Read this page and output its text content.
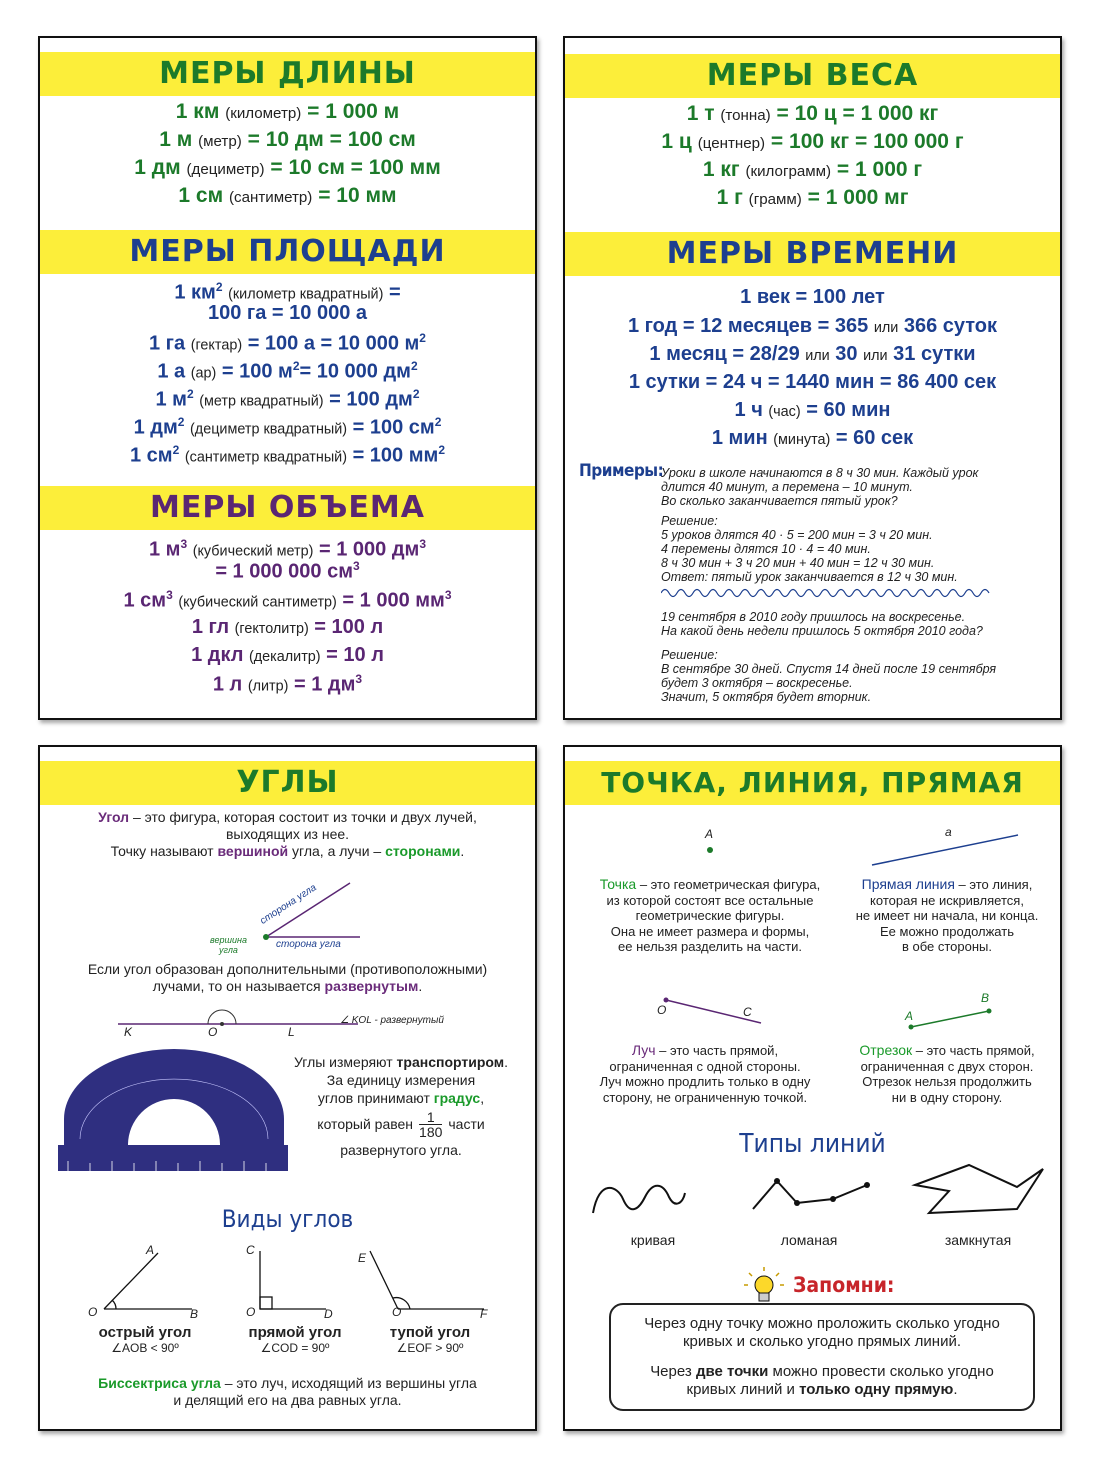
МЕРЫ ДЛИНЫ
1 км (километр) = 1 000 м
1 м (метр) = 10 дм = 100 см
1 дм (дециметр) = 10 см = 100 мм
1 см (сантиметр) = 10 мм
МЕРЫ ПЛОЩАДИ
1 $км^2$ (километр квадратный) =
100 га = 10 000 а
1 га (гектар) = 100 а = 10 000 $м^2$
1 а (ар) = 100 $м^2= 10$ 000 $дм^2$
1 $м^2$ (метр квадратный) = 100 $дм^2$
1 $дм^2$ (дециметр квадратный) = 100 $см^2$
1 $см^2$ (сантиметр квадратный) = 100 $мм^2$
МЕРЫ ОБЪЕМА
1 $м^3$ (кубический метр) = 1 000 $дм^3$
= 1 000 000 $см^3$
1 $см^3$ (кубический сантиметр) = 1 000 $мм^3$
1 гл (гектолитр) = 100 л
1 дкл (декалитр) = 10 л
1 л (литр) = 1 $дм^3$
МЕРЫ ВЕСА
1 т (тонна) = 10 ц = 1 000 кг
1 ц (центнер) = 100 кг = 100 000 г
1 кг (килограмм) = 1 000 г
1 г (грамм) = 1 000 мг
МЕРЫ ВРЕМЕНИ
1 век = 100 лет
1 год = 12 месяцев = 365 или 366 суток
1 месяц = 28/29 или 30 или 31 сутки
1 сутки = 24 ч = 1440 мин = 86 400 сек
1 ч (час) = 60 мин
1 мин (минута) = 60 сек
Примеры:
Уроки в школе начинаются в 8 ч 30 мин. Каждый урок
длится 40 минут, а перемена – 10 минут.
Во сколько заканчивается пятый урок?
Решение:
5 уроков длятся 40 · 5 = 200 мин = 3 ч 20 мин.
4 перемены длятся 10 · 4 = 40 мин.
8 ч 30 мин + 3 ч 20 мин + 40 мин = 12 ч 30 мин.
Ответ: пятый урок заканчивается в 12 ч 30 мин.
19 сентября в 2010 году пришлось на воскресенье.
На какой день недели пришлось 5 октября 2010 года?
Решение:
В сентябре 30 дней. Спустя 14 дней после 19 сентября
будет 3 октября – воскресенье.
Значит, 5 октября будет вторник.
УГЛЫ
Угол – это фигура, которая состоит из точки и двух лучей,
выходящих из нее.
Точку называют вершиной угла, а лучи – сторонами.
сторона угла
сторона угла
вершина
угла
Если угол образован дополнительными (противоположными)
лучами, то он называется развернутым.
K	O	L
∠ KOL - развернутый
Углы измеряют транспортиром.
За единицу измерения
углов принимают градус,
который равен 1
180 части
развернутого угла.
Виды углов
A
O	B
C
O	D
E
O	F
острый угол
∠AOB < 90º
прямой угол
∠COD = 90º
тупой угол
∠EOF > 90º
Биссектриса угла – это луч, исходящий из вершины угла
и делящий его на два равных угла.
ТОЧКА, ЛИНИЯ, ПРЯМАЯ
A	a
Точка – это геометрическая фигура,
из которой состоят все остальные
геометрические фигуры.
Она не имеет размера и формы,
ее нельзя разделить на части.
Прямая линия – это линия,
которая не искривляется,
не имеет ни начала, ни конца.
Ее можно продолжать
в обе стороны.
O	C	A
B
Луч – это часть прямой,
ограниченная с одной стороны.
Луч можно продлить только в одну
сторону, не ограниченную точкой.
Отрезок – это часть прямой,
ограниченная с двух сторон.
Отрезок нельзя продолжить
ни в одну сторону.
Типы линий
кривая	ломаная	замкнутая
Запомни:
Через одну точку можно проложить сколько угодно
кривых и сколько угодно прямых линий.
Через две точки можно провести сколько угодно
кривых линий и только одну прямую.
